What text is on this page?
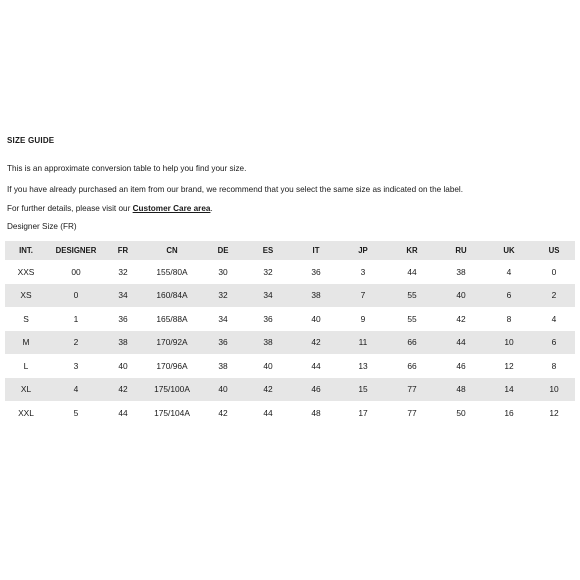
SIZE GUIDE

This is an approximate conversion table to help you find your size.

If you have already purchased an item from our brand, we recommend that you select the same size as indicated on the label.

For further details, please visit our Customer Care area.

Designer Size (FR)
INT.	DESIGNER	FR	CN	DE	ES	IT	JP	KR	RU	UK	US
XXS	00	32	155/80A	30	32	36	3	44	38	4	0
XS	0	34	160/84A	32	34	38	7	55	40	6	2
S	1	36	165/88A	34	36	40	9	55	42	8	4
M	2	38	170/92A	36	38	42	11	66	44	10	6
L	3	40	170/96A	38	40	44	13	66	46	12	8
XL	4	42	175/100A	40	42	46	15	77	48	14	10
XXL	5	44	175/104A	42	44	48	17	77	50	16	12
